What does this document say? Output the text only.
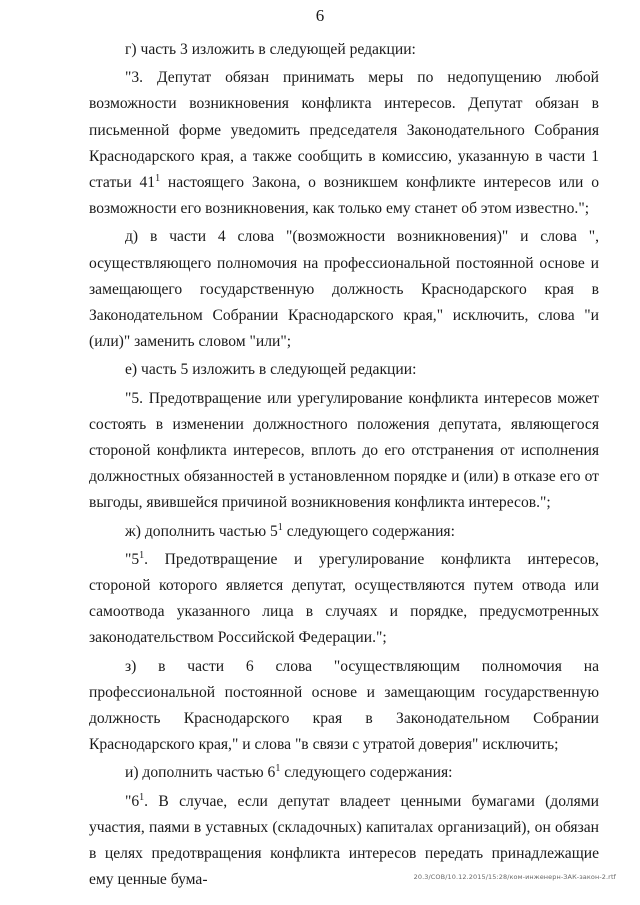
6

г) часть 3 изложить в следующей редакции:

"3. Депутат обязан принимать меры по недопущению любой возможности возникновения конфликта интересов. Депутат обязан в письменной форме уведомить председателя Законодательного Собрания Краснодарского края, а также сообщить в комиссию, указанную в части 1 статьи $41^1$ настоящего Закона, о возникшем конфликте интересов или о возможности его возникновения, как только ему станет об этом известно.";

д) в части 4 слова "(возможности возникновения)" и слова ", осуществляющего полномочия на профессиональной постоянной основе и замещающего государственную должность Краснодарского края в Законодательном Собрании Краснодарского края," исключить, слова "и (или)" заменить словом "или";

е) часть 5 изложить в следующей редакции:

"5. Предотвращение или урегулирование конфликта интересов может состоять в изменении должностного положения депутата, являющегося стороной конфликта интересов, вплоть до его отстранения от исполнения должностных обязанностей в установленном порядке и (или) в отказе его от выгоды, явившейся причиной возникновения конфликта интересов.";

ж) дополнить частью $5^1$ следующего содержания:

"$5^1$. Предотвращение и урегулирование конфликта интересов, стороной которого является депутат, осуществляются путем отвода или самоотвода указанного лица в случаях и порядке, предусмотренных законодательством Российской Федерации.";

з) в части 6 слова "осуществляющим полномочия на профессиональной постоянной основе и замещающим государственную должность Краснодарского края в Законодательном Собрании Краснодарского края," и слова "в связи с утратой доверия" исключить;

и) дополнить частью $6^1$ следующего содержания:

"$6^1$. В случае, если депутат владеет ценными бумагами (долями участия, паями в уставных (складочных) капиталах организаций), он обязан в целях предотвращения конфликта интересов передать принадлежащие ему ценные бума-	20.3/СОВ/10.12.2015/15:28/ком-инженерн-ЗАК-закон-2.rtf
